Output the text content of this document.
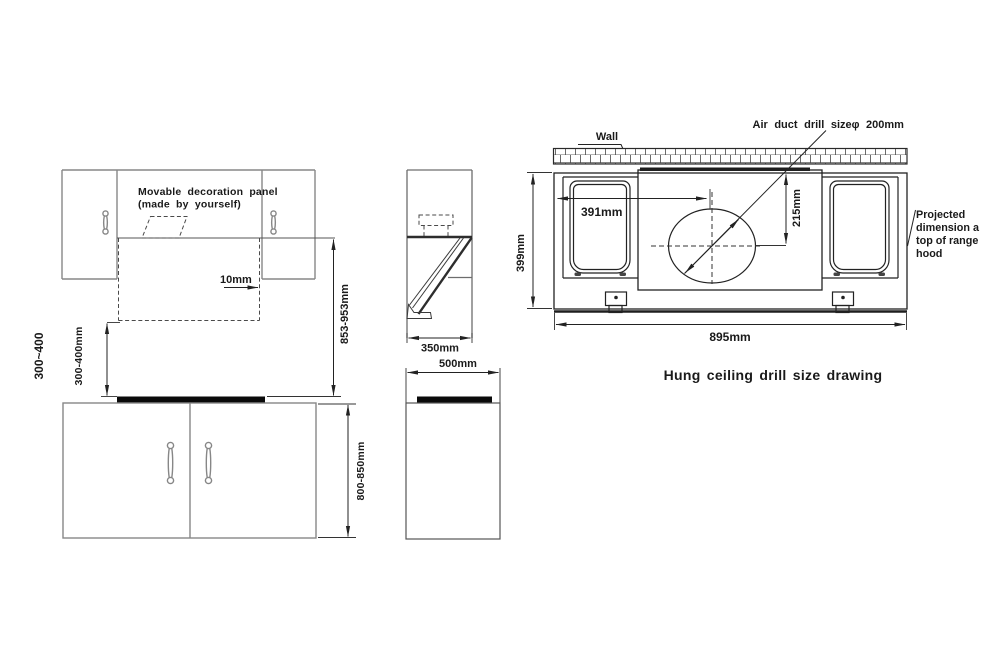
Movable decoration panel
(made by yourself)
10mm
853-953mm
300-400mm
300~400
800-850mm
350mm
500mm
Wall
Air duct drill sizeφ 200mm
391mm	215mm
399mm
895mm
Projected
dimension a
top of range
hood
Hung ceiling drill size drawing
